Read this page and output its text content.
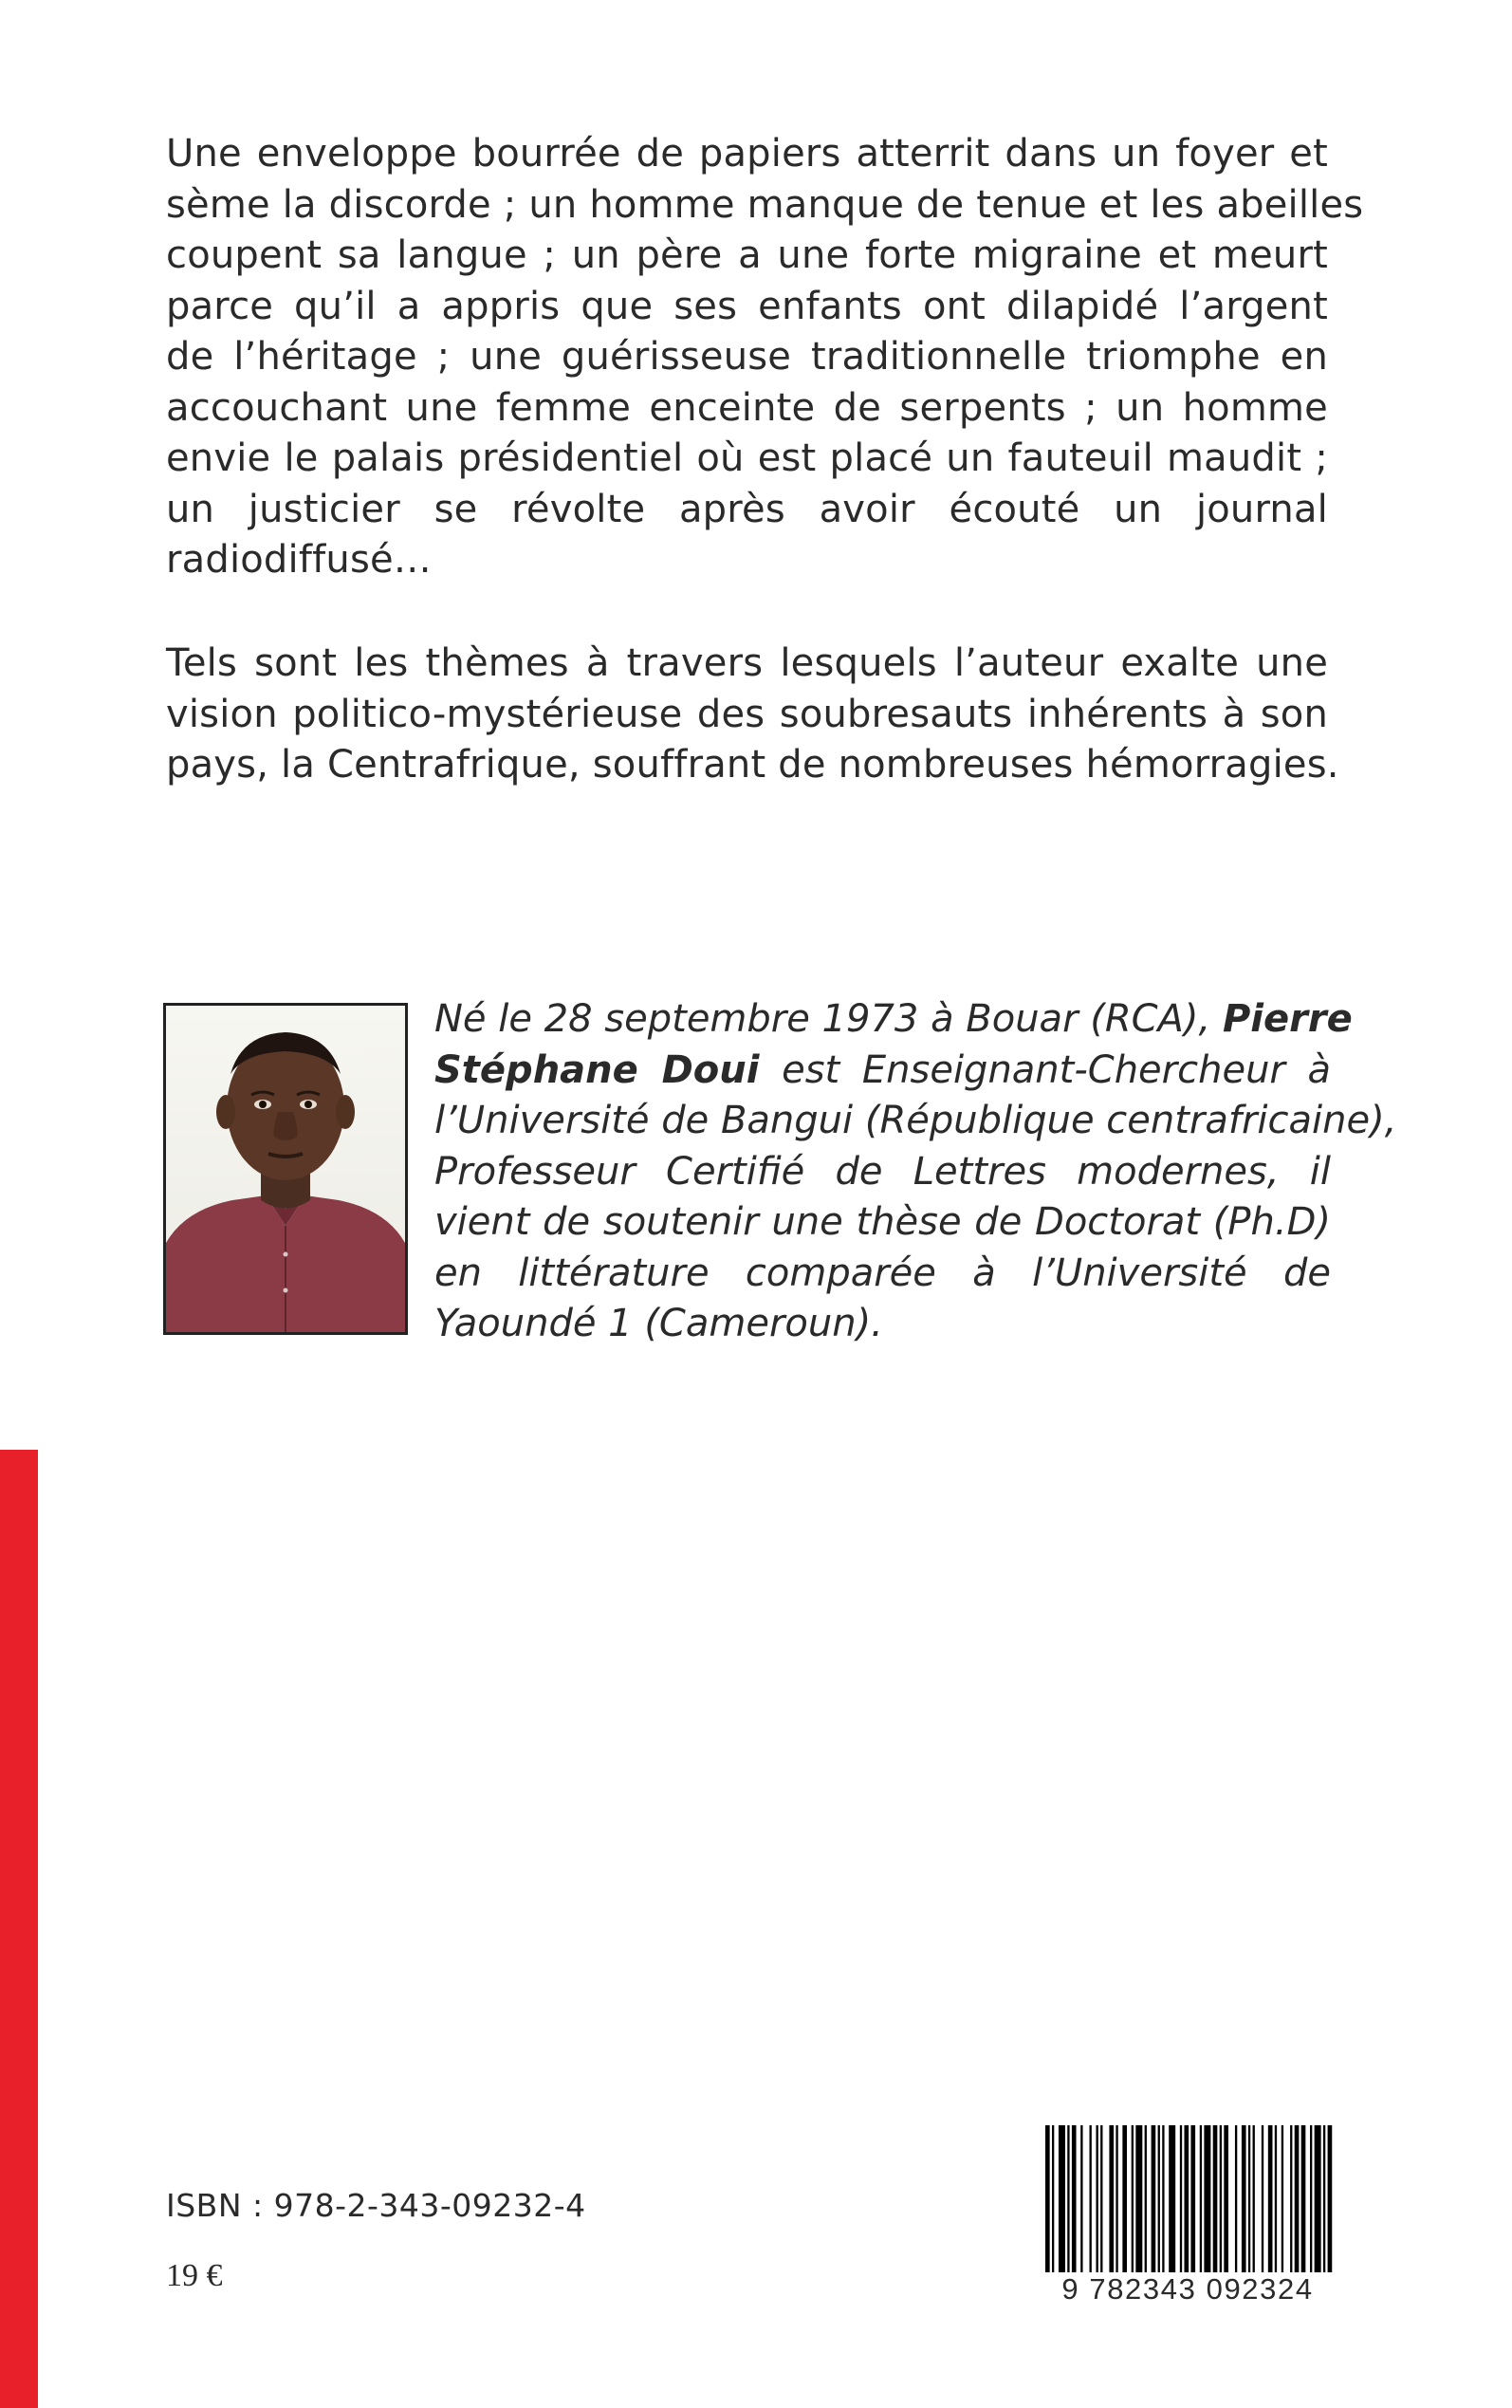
Une enveloppe bourrée de papiers atterrit dans un foyer et
sème la discorde ; un homme manque de tenue et les abeilles
coupent sa langue ; un père a une forte migraine et meurt
parce qu’il a appris que ses enfants ont dilapidé l’argent
de l’héritage ; une guérisseuse traditionnelle triomphe en
accouchant une femme enceinte de serpents ; un homme
envie le palais présidentiel où est placé un fauteuil maudit ;
un justicier se révolte après avoir écouté un journal
radiodiffusé…

Tels sont les thèmes à travers lesquels l’auteur exalte une
vision politico-mystérieuse des soubresauts inhérents à son
pays, la Centrafrique, souffrant de nombreuses hémorragies.

Né le 28 septembre 1973 à Bouar (RCA), Pierre
Stéphane Doui est Enseignant-Chercheur à
l’Université de Bangui (République centrafricaine),
Professeur Certifié de Lettres modernes, il
vient de soutenir une thèse de Doctorat (Ph.D)
en littérature comparée à l’Université de
Yaoundé 1 (Cameroun).

ISBN : 978-2-343-09232-4
19 €	9 782343 092324
